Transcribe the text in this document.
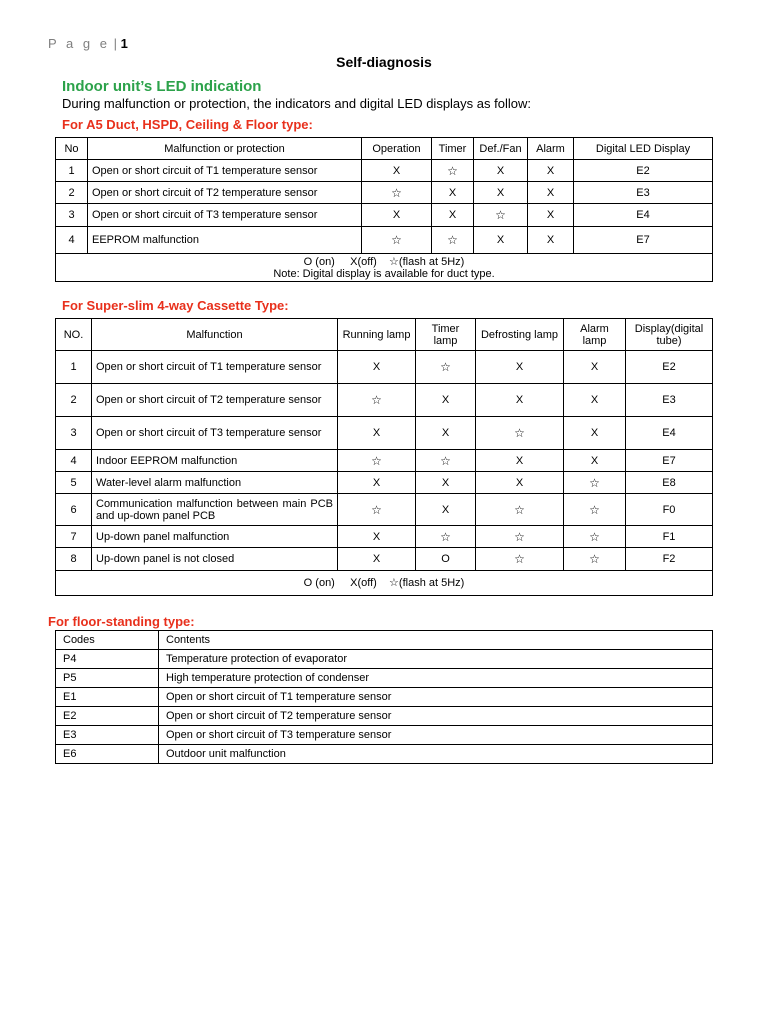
P a g e | 1
Self-diagnosis
Indoor unit’s LED indication
During malfunction or protection, the indicators and digital LED displays as follow:
For A5 Duct, HSPD, Ceiling & Floor type:
No	Malfunction or protection	Operation	Timer	Def./Fan	Alarm	Digital LED Display
1	Open or short circuit of T1 temperature sensor	X	☆	X	X	E2
2	Open or short circuit of T2 temperature sensor	☆	X	X	X	E3
3	Open or short circuit of T3 temperature sensor	X	X	☆	X	E4
4	EEPROM malfunction	☆	☆	X	X	E7

O (on)     X(off)    ☆(flash at 5Hz)
Note: Digital display is available for duct type.						
For Super-slim 4-way Cassette Type:
NO.	Malfunction	Running lamp	Timer lamp	Defrosting lamp	Alarm lamp	Display(digital tube)
1	Open or short circuit of T1 temperature sensor	X	☆	X	X	E2
2	Open or short circuit of T2 temperature sensor	☆	X	X	X	E3
3	Open or short circuit of T3 temperature sensor	X	X	☆	X	E4
4	Indoor EEPROM malfunction	☆	☆	X	X	E7
5	Water-level alarm malfunction	X	X	X	☆	E8
6	Communication malfunction between main PCB and up-down panel PCB	☆	X	☆	☆	F0
7	Up-down panel malfunction	X	☆	☆	☆	F1
8	Up-down panel is not closed	X	O	☆	☆	F2

O (on)     X(off)    ☆(flash at 5Hz)						
For floor-standing type:
Codes	Contents
P4	Temperature protection of evaporator
P5	High temperature protection of condenser
E1	Open or short circuit of T1 temperature sensor
E2	Open or short circuit of T2 temperature sensor
E3	Open or short circuit of T3 temperature sensor
E6	Outdoor unit malfunction
